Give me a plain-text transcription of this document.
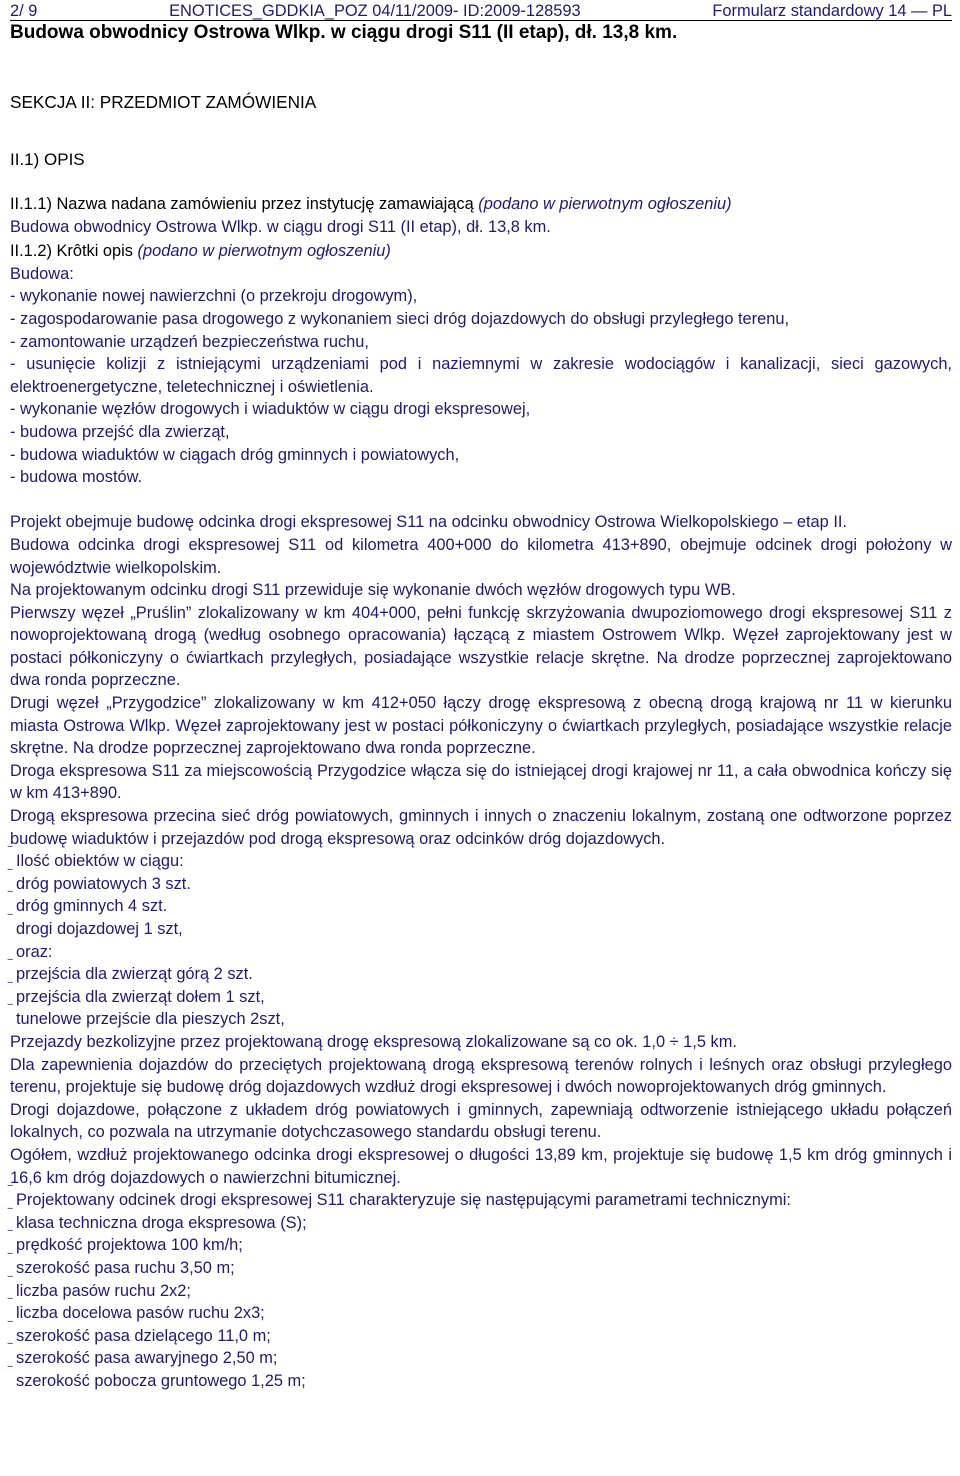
2/ 9	ENOTICES_GDDKIA_POZ 04/11/2009- ID:2009-128593	Formularz standardowy 14 — PL
Budowa obwodnicy Ostrowa Wlkp. w ciągu drogi S11 (II etap), dł. 13,8 km.
SEKCJA II: PRZEDMIOT ZAMÓWIENIA
II.1) OPIS
II.1.1) Nazwa nadana zamówieniu przez instytucję zamawiającą (podano w pierwotnym ogłoszeniu)
Budowa obwodnicy Ostrowa Wlkp. w ciągu drogi S11 (II etap), dł. 13,8 km.
II.1.2) Krôtki opis (podano w pierwotnym ogłoszeniu)
Budowa:
- wykonanie nowej nawierzchni (o przekroju drogowym),
- zagospodarowanie pasa drogowego z wykonaniem sieci dróg dojazdowych do obsługi przyległego terenu,
- zamontowanie urządzeń bezpieczeństwa ruchu,
- usunięcie kolizji z istniejącymi urządzeniami pod i naziemnymi w zakresie wodociągów i kanalizacji, sieci gazowych, elektroenergetyczne, teletechnicznej i oświetlenia.
- wykonanie węzłów drogowych i wiaduktów w ciągu drogi ekspresowej,
- budowa przejść dla zwierząt,
- budowa wiaduktów w ciągach dróg gminnych i powiatowych,
- budowa mostów.
Projekt obejmuje budowę odcinka drogi ekspresowej S11 na odcinku obwodnicy Ostrowa Wielkopolskiego – etap II.
Budowa odcinka drogi ekspresowej S11 od kilometra 400+000 do kilometra 413+890, obejmuje odcinek drogi położony w województwie wielkopolskim.
Na projektowanym odcinku drogi S11 przewiduje się wykonanie dwóch węzłów drogowych typu WB.
Pierwszy węzeł „Pruślin” zlokalizowany w km 404+000, pełni funkcję skrzyżowania dwupoziomowego drogi ekspresowej S11 z nowoprojektowaną drogą (według osobnego opracowania) łączącą z miastem Ostrowem Wlkp. Węzeł zaprojektowany jest w postaci półkoniczyny o ćwiartkach przyległych, posiadające wszystkie relacje skrętne. Na drodze poprzecznej zaprojektowano dwa ronda poprzeczne.
Drugi węzeł „Przygodzice” zlokalizowany w km 412+050 łączy drogę ekspresową z obecną drogą krajową nr 11 w kierunku miasta Ostrowa Wlkp. Węzeł zaprojektowany jest w postaci półkoniczyny o ćwiartkach przyległych, posiadające wszystkie relacje skrętne. Na drodze poprzecznej zaprojektowano dwa ronda poprzeczne.
Droga ekspresowa S11 za miejscowością Przygodzice włącza się do istniejącej drogi krajowej nr 11, a cała obwodnica kończy się w km 413+890.
Drogą ekspresowa przecina sieć dróg powiatowych, gminnych i innych o znaczeniu lokalnym, zostaną one odtworzone poprzez budowę wiaduktów i przejazdów pod drogą ekspresową oraz odcinków dróg dojazdowych.
‾
Ilość obiektów w ciągu:
‾
dróg powiatowych 3 szt.
‾
dróg gminnych 4 szt.
‾
drogi dojazdowej 1 szt,
oraz:
‾
przejścia dla zwierząt górą 2 szt.
‾
przejścia dla zwierząt dołem 1 szt,
‾
tunelowe przejście dla pieszych 2szt,
Przejazdy bezkolizyjne przez projektowaną drogę ekspresową zlokalizowane są co ok. 1,0 ÷ 1,5 km.
Dla zapewnienia dojazdów do przeciętych projektowaną drogą ekspresową terenów rolnych i leśnych oraz obsługi przyległego terenu, projektuje się budowę dróg dojazdowych wzdłuż drogi ekspresowej i dwóch nowoprojektowanych dróg gminnych.
Drogi dojazdowe, połączone z układem dróg powiatowych i gminnych, zapewniają odtworzenie istniejącego układu połączeń lokalnych, co pozwala na utrzymanie dotychczasowego standardu obsługi terenu.
Ogółem, wzdłuż projektowanego odcinka drogi ekspresowej o długości 13,89 km, projektuje się budowę 1,5 km dróg gminnych i 16,6 km dróg dojazdowych o nawierzchni bitumicznej.
‾
Projektowany odcinek drogi ekspresowej S11 charakteryzuje się następującymi parametrami technicznymi:
‾
klasa techniczna droga ekspresowa (S);
‾
prędkość projektowa 100 km/h;
‾
szerokość pasa ruchu 3,50 m;
‾
liczba pasów ruchu 2x2;
‾
liczba docelowa pasów ruchu 2x3;
‾
szerokość pasa dzielącego 11,0 m;
‾
szerokość pasa awaryjnego 2,50 m;
‾
szerokość pobocza gruntowego 1,25 m;
